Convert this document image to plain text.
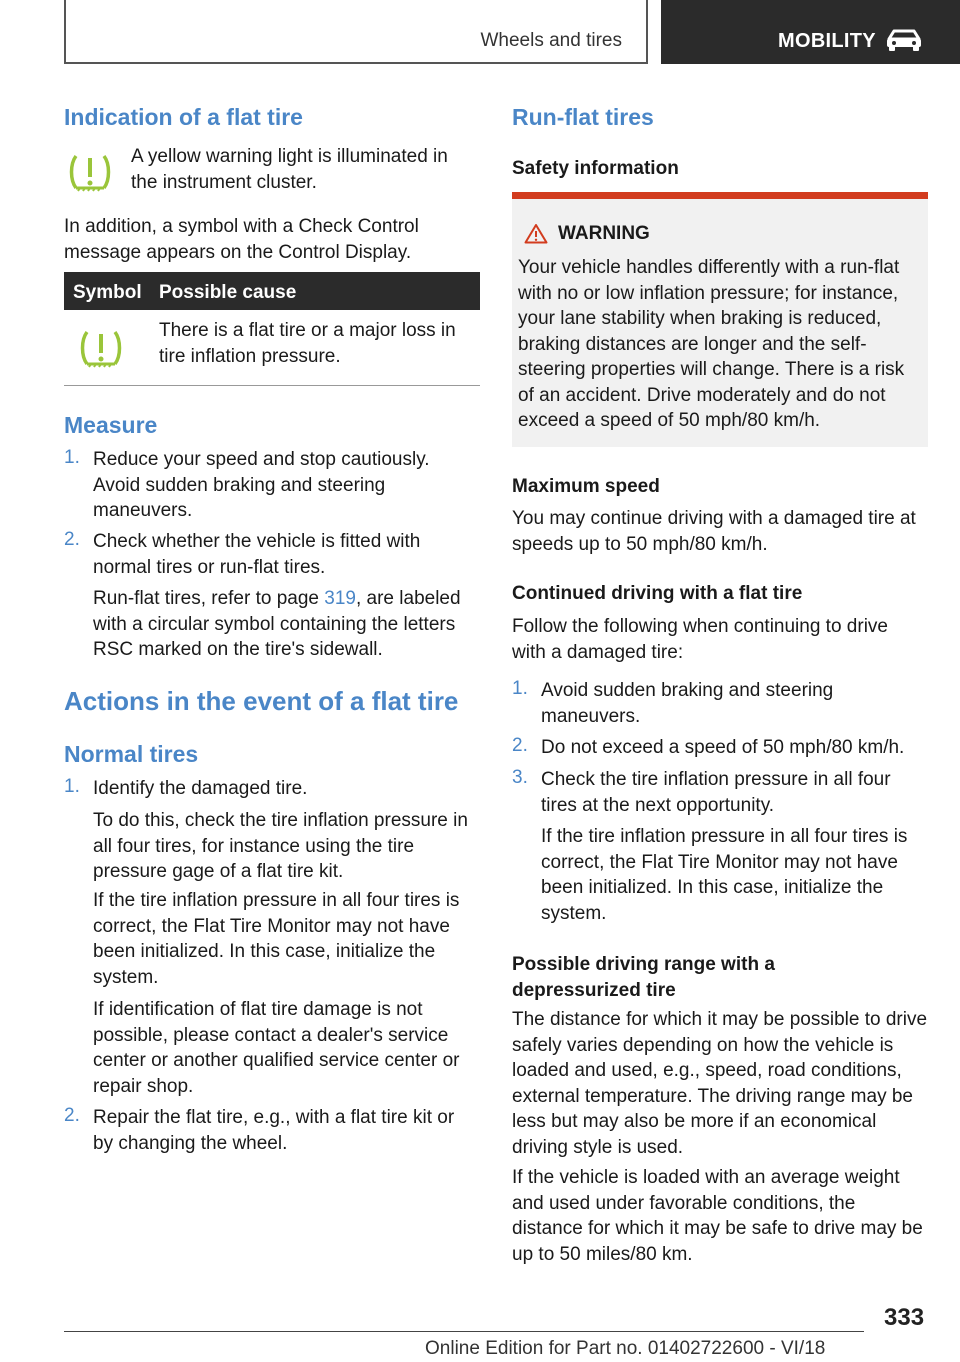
Wheels and tires	MOBILITY
Indication of a flat tire

A yellow warning light is illuminated in the instrument cluster.

In addition, a symbol with a Check Control message appears on the Control Display.

Symbol Possible cause

There is a flat tire or a major loss in tire inflation pressure.

Measure
1. Reduce your speed and stop cautiously. Avoid sudden braking and steering maneuvers.

2. Check whether the vehicle is fitted with normal tires or run-flat tires.

Run-flat tires, refer to page 319, are labeled with a circular symbol containing the letters RSC marked on the tire's sidewall.

Actions in the event of a flat tire
Normal tires
1. Identify the damaged tire.

To do this, check the tire inflation pressure in all four tires, for instance using the tire pressure gage of a flat tire kit.

If the tire inflation pressure in all four tires is correct, the Flat Tire Monitor may not have been initialized. In this case, initialize the system.

If identification of flat tire damage is not possible, please contact a dealer's service center or another qualified service center or repair shop.

2. Repair the flat tire, e.g., with a flat tire kit or by changing the wheel.

Run-flat tires
Safety information
WARNING

Your vehicle handles differently with a run-flat with no or low inflation pressure; for instance, your lane stability when braking is reduced, braking distances are longer and the self-steering properties will change. There is a risk of an accident. Drive moderately and do not exceed a speed of 50 mph/80 km/h.

Maximum speed

You may continue driving with a damaged tire at speeds up to 50 mph/80 km/h.

Continued driving with a flat tire

Follow the following when continuing to drive with a damaged tire:

1. Avoid sudden braking and steering maneuvers.

2. Do not exceed a speed of 50 mph/80 km/h.

3. Check the tire inflation pressure in all four tires at the next opportunity.

If the tire inflation pressure in all four tires is correct, the Flat Tire Monitor may not have been initialized. In this case, initialize the system.

Possible driving range with a depressurized tire

The distance for which it may be possible to drive safely varies depending on how the vehicle is loaded and used, e.g., speed, road conditions, external temperature. The driving range may be less but may also be more if an economical driving style is used.

If the vehicle is loaded with an average weight and used under favorable conditions, the distance for which it may be safe to drive may be up to 50 miles/80 km.

333
Online Edition for Part no. 01402722600 - VI/18
